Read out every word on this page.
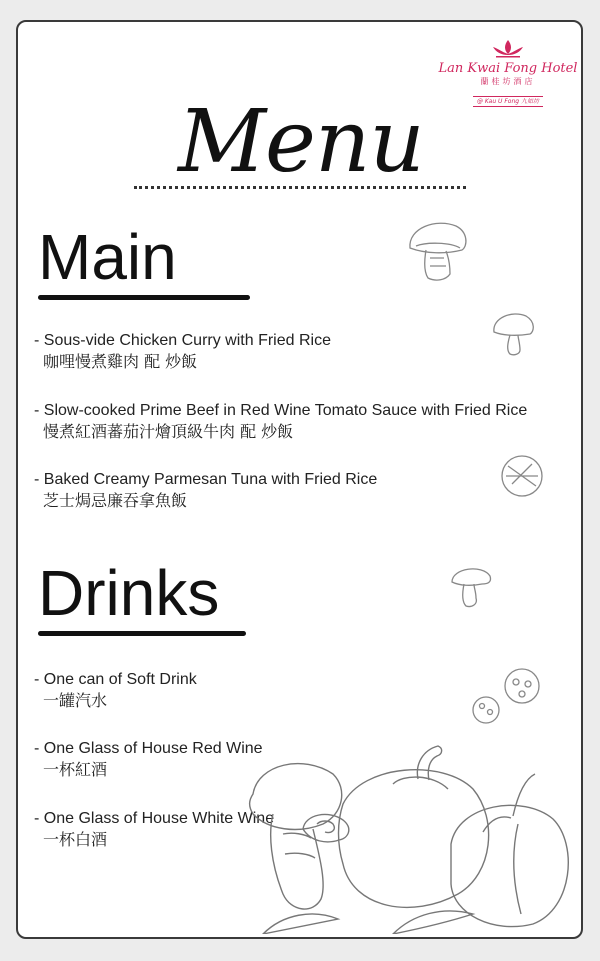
Lan Kwai Fong Hotel
蘭桂坊酒店
@ Kau U Fong 九如坊
Menu
Main
- Sous-vide Chicken Curry with Fried Rice
咖哩慢煮雞肉 配 炒飯
- Slow-cooked Prime Beef in Red Wine Tomato Sauce with Fried Rice
慢煮紅酒蕃茄汁燴頂級牛肉 配 炒飯
- Baked Creamy Parmesan Tuna with Fried Rice
芝士焗忌廉吞拿魚飯
Drinks
- One can of Soft Drink
一罐汽水
- One Glass of House Red Wine
一杯紅酒
- One Glass of House White Wine
一杯白酒
